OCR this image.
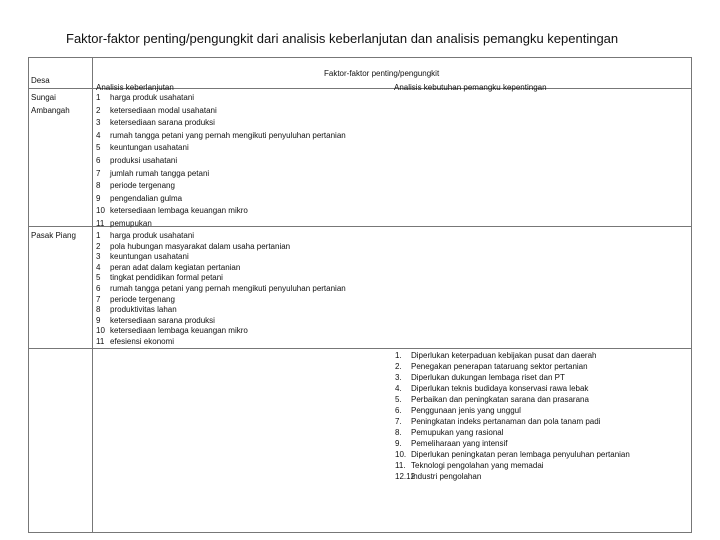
Faktor-faktor penting/pengungkit dari analisis keberlanjutan dan analisis pemangku kepentingan
Desa
Faktor-faktor penting/pengungkit
Analisis keberlanjutan	Analisis kebutuhan pemangku kepentingan
Sungai
Ambangah
1 harga produk usahatani
2 ketersediaan modal usahatani
3 ketersediaan sarana produksi
4 rumah tangga petani yang pernah mengikuti penyuluhan pertanian
5 keuntungan usahatani
6 produksi usahatani
7 jumlah rumah tangga petani
8 periode tergenang
9 pengendalian gulma
10 ketersediaan lembaga keuangan mikro
11 pemupukan
Pasak Piang	1 harga produk usahatani
2 pola hubungan masyarakat dalam usaha pertanian
3 keuntungan usahatani
4 peran adat dalam kegiatan pertanian
5 tingkat pendidikan formal petani
6 rumah tangga petani yang pernah mengikuti penyuluhan pertanian
7 periode tergenang
8 produktivitas lahan
9 ketersediaan sarana produksi
10 ketersediaan lembaga keuangan mikro
11 efesiensi ekonomi
1. Diperlukan keterpaduan kebijakan pusat dan daerah
2. Penegakan penerapan tataruang sektor pertanian
3. Diperlukan dukungan lembaga riset dan PT
4. Diperlukan teknis budidaya konservasi rawa lebak
5. Perbaikan dan peningkatan sarana dan prasarana
6. Penggunaan jenis yang unggul
7. Peningkatan indeks pertanaman dan pola tanam padi
8. Pemupukan yang rasional
9. Pemeliharaan yang intensif
10. Diperlukan peningkatan peran lembaga penyuluhan pertanian
11. Teknologi pengolahan yang memadai
12.12Industri pengolahan
